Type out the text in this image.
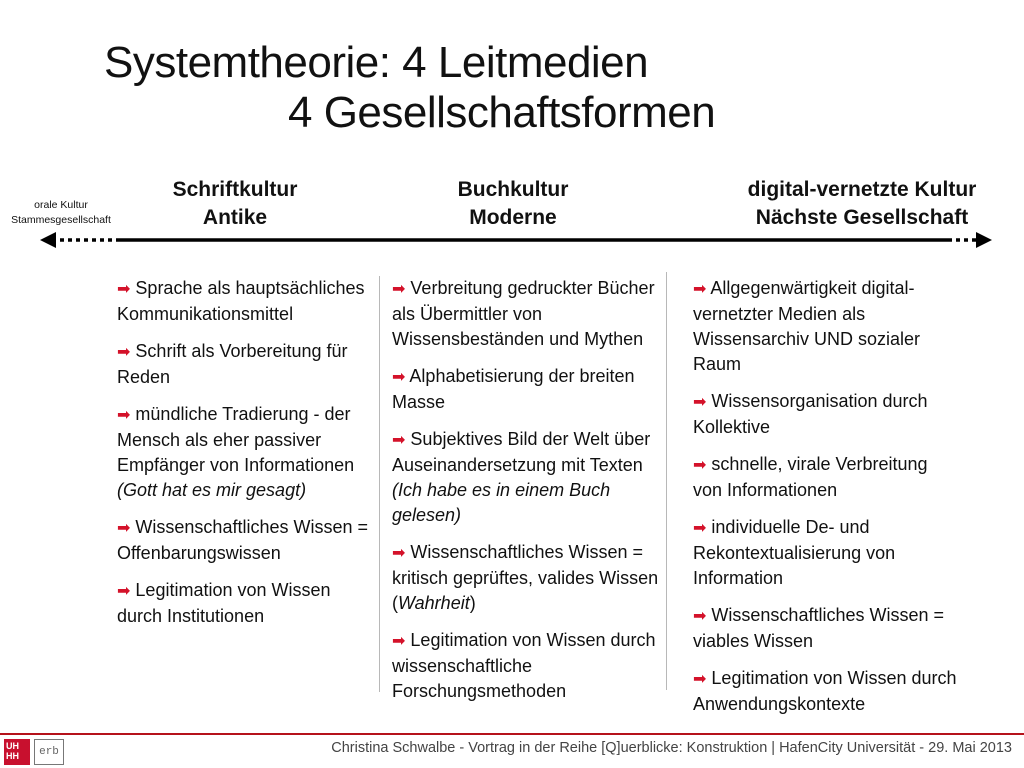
Systemtheorie: 4 Leitmedien
4 Gesellschaftsformen
orale Kultur
Stammesgesellschaft
Schriftkultur
Antike
Buchkultur
Moderne
digital-vernetzte Kultur
Nächste Gesellschaft
➡ Sprache als hauptsächliches Kommunikationsmittel
➡ Schrift als Vorbereitung für Reden
➡ mündliche Tradierung - der Mensch als eher passiver Empfänger von Informationen (Gott hat es mir gesagt)
➡ Wissenschaftliches Wissen = Offenbarungswissen
➡ Legitimation von Wissen durch Institutionen
➡ Verbreitung gedruckter Bücher als Übermittler von Wissensbeständen und Mythen
➡ Alphabetisierung der breiten Masse
➡ Subjektives Bild der Welt über Auseinandersetzung mit Texten (Ich habe es in einem Buch gelesen)
➡ Wissenschaftliches Wissen = kritisch geprüftes, valides Wissen (Wahrheit)
➡ Legitimation von Wissen durch wissenschaftliche Forschungsmethoden
➡ Allgegenwärtigkeit digital-vernetzter Medien als Wissensarchiv UND sozialer Raum
➡ Wissensorganisation durch Kollektive
➡ schnelle, virale Verbreitung von Informationen
➡ individuelle De- und Rekontextualisierung von Information
➡ Wissenschaftliches Wissen = viables Wissen
➡ Legitimation von Wissen durch Anwendungskontexte
UH HH	erb	Christina Schwalbe - Vortrag in der Reihe [Q]uerblicke: Konstruktion | HafenCity Universität - 29. Mai 2013
